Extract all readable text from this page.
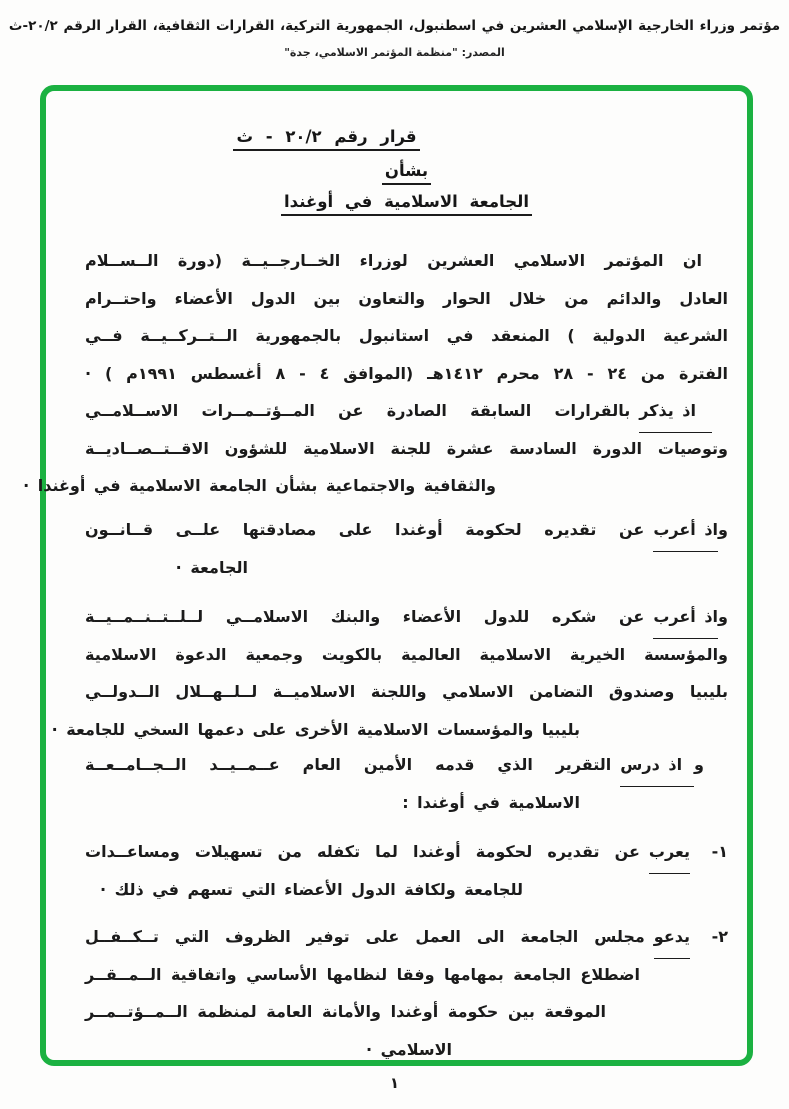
مؤتمر وزراء الخارجية الإسلامي العشرين في اسطنبول، الجمهورية التركية، القرارات الثقافية، القرار الرقم ٢٠/٢-ث
المصدر: "منظمة المؤتمر الاسلامي، جدة"
قرار رقم ٢٠/٢ - ث
بشأن
الجامعة الاسلامية في أوغندا
ان المؤتمر الاسلامي العشرين لوزراء الخــارجــيــة (دورة الــســلام
العادل والدائم من خلال الحوار والتعاون بين الدول الأعضاء واحتــرام
الشرعية الدولية ) المنعقد في استانبول بالجمهورية الــتــركــيــة فــي
الفترة من ٢٤ - ٢٨ محرم ١٤١٢هـ (الموافق ٤ - ٨ أغسطس ١٩٩١م ) ·
اذ يذكربالقرارات السابقة الصادرة عن المــؤتــمــرات الاســلامــي
وتوصيات الدورة السادسة عشرة للجنة الاسلامية للشؤون الاقــتــصــاديــة
والثقافية والاجتماعية بشأن الجامعة الاسلامية في أوغندا ·
واذ أعربعن تقديره لحكومة أوغندا على مصادقتها علــى قــانــون
الجامعة ·
واذ أعربعن شكره للدول الأعضاء والبنك الاسلامــي لــلــتــنــمــيــة
والمؤسسة الخيرية الاسلامية العالمية بالكويت وجمعية الدعوة الاسلامية
بليبيا وصندوق التضامن الاسلامي واللجنة الاسلاميــة لــلــهــلال الــدولــي
بليبيا والمؤسسات الاسلامية الأخرى على دعمها السخي للجامعة ·
واذ درسالتقرير الذي قدمه الأمين العام عــمــيــد الــجــامــعــة
الاسلامية في أوغندا :
١-
يعربعن تقديره لحكومة أوغندا لما تكفله من تسهيلات ومساعــدات
للجامعة ولكافة الدول الأعضاء التي تسهم في ذلك ·
٢-
يدعومجلس الجامعة الى العمل على توفير الظروف التي تــكــفــل
اضطلاع الجامعة بمهامها وفقا لنظامها الأساسي واتفاقية الــمــقــر
الموقعة بين حكومة أوغندا والأمانة العامة لمنظمة الــمــؤتــمــر
الاسلامي ·
١
